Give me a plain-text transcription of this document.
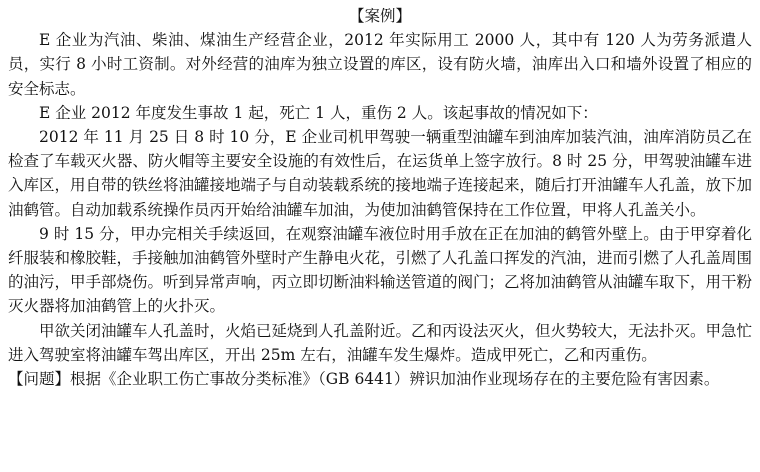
【案例】

E 企业为汽油、柴油、煤油生产经营企业，2012 年实际用工 2000 人，其中有 120 人为劳务派遣人员，实行 8 小时工资制。对外经营的油库为独立设置的库区，设有防火墙，油库出入口和墙外设置了相应的安全标志。

E 企业 2012 年度发生事故 1 起，死亡 1 人，重伤 2 人。该起事故的情况如下：

2012 年 11 月 25 日 8 时 10 分，E 企业司机甲驾驶一辆重型油罐车到油库加装汽油，油库消防员乙在检查了车载灭火器、防火帽等主要安全设施的有效性后，在运货单上签字放行。8 时 25 分，甲驾驶油罐车进入库区，用自带的铁丝将油罐接地端子与自动装载系统的接地端子连接起来，随后打开油罐车人孔盖，放下加油鹤管。自动加载系统操作员丙开始给油罐车加油，为使加油鹤管保持在工作位置，甲将人孔盖关小。

9 时 15 分，甲办完相关手续返回，在观察油罐车液位时用手放在正在加油的鹤管外壁上。由于甲穿着化纤服装和橡胶鞋，手接触加油鹤管外壁时产生静电火花，引燃了人孔盖口挥发的汽油，进而引燃了人孔盖周围的油污，甲手部烧伤。听到异常声响，丙立即切断油料输送管道的阀门；乙将加油鹤管从油罐车取下，用干粉灭火器将加油鹤管上的火扑灭。

甲欲关闭油罐车人孔盖时，火焰已延烧到人孔盖附近。乙和丙设法灭火，但火势较大，无法扑灭。甲急忙进入驾驶室将油罐车驾出库区，开出 25m 左右，油罐车发生爆炸。造成甲死亡，乙和丙重伤。

【问题】根据《企业职工伤亡事故分类标准》（GB 6441）辨识加油作业现场存在的主要危险有害因素。
